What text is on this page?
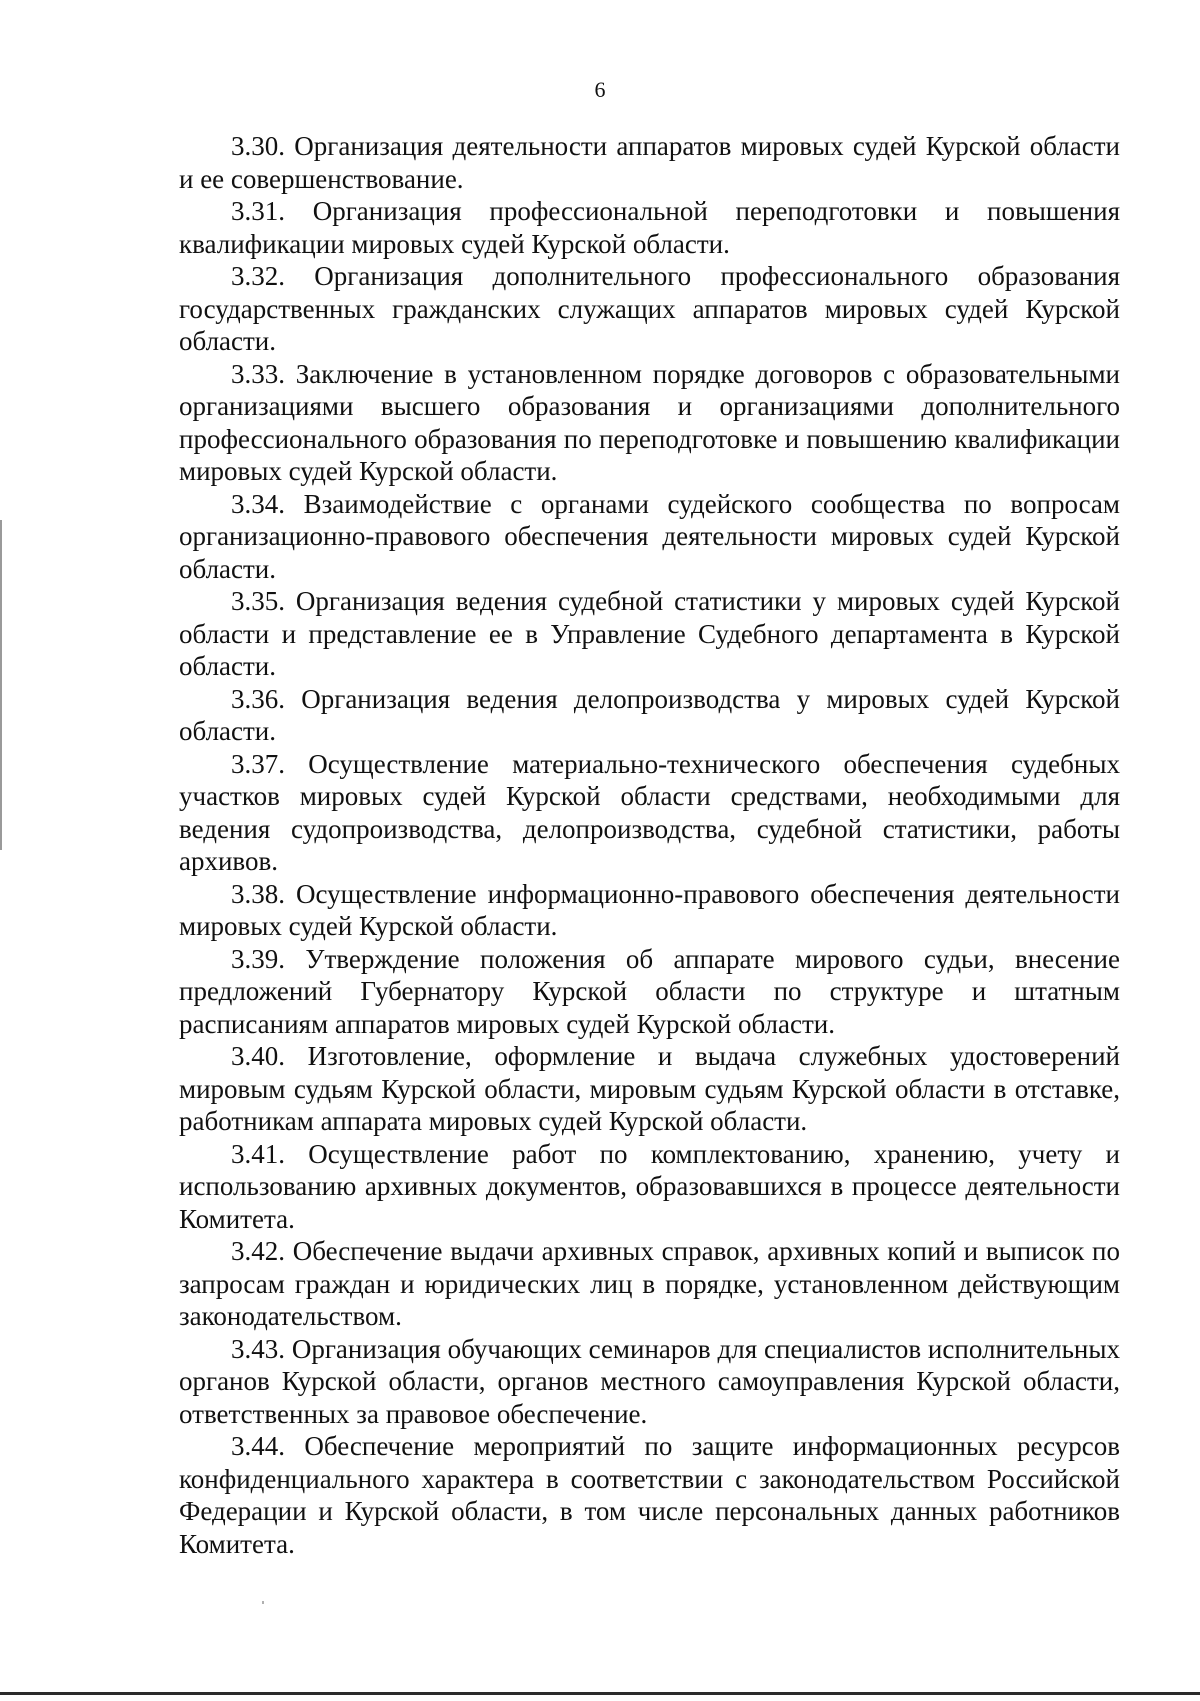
6

3.30. Организация деятельности аппаратов мировых судей Курской области и ее совершенствование.

3.31. Организация профессиональной переподготовки и повышения квалификации мировых судей Курской области.

3.32. Организация дополнительного профессионального образования государственных гражданских служащих аппаратов мировых судей Курской области.

3.33. Заключение в установленном порядке договоров с образовательными организациями высшего образования и организациями дополнительного профессионального образования по переподготовке и повышению квалификации мировых судей Курской области.

3.34. Взаимодействие с органами судейского сообщества по вопросам организационно-правового обеспечения деятельности мировых судей Курской области.

3.35. Организация ведения судебной статистики у мировых судей Курской области и представление ее в Управление Судебного департамента в Курской области.

3.36. Организация ведения делопроизводства у мировых судей Курской области.

3.37. Осуществление материально-технического обеспечения судебных участков мировых судей Курской области средствами, необходимыми для ведения судопроизводства, делопроизводства, судебной статистики, работы архивов.

3.38. Осуществление информационно-правового обеспечения деятельности мировых судей Курской области.

3.39. Утверждение положения об аппарате мирового судьи, внесение предложений Губернатору Курской области по структуре и штатным расписаниям аппаратов мировых судей Курской области.

3.40. Изготовление, оформление и выдача служебных удостоверений мировым судьям Курской области, мировым судьям Курской области в отставке, работникам аппарата мировых судей Курской области.

3.41. Осуществление работ по комплектованию, хранению, учету и использованию архивных документов, образовавшихся в процессе деятельности Комитета.

3.42. Обеспечение выдачи архивных справок, архивных копий и выписок по запросам граждан и юридических лиц в порядке, установленном действующим законодательством.

3.43. Организация обучающих семинаров для специалистов исполнительных органов Курской области, органов местного самоуправления Курской области, ответственных за правовое обеспечение.

3.44. Обеспечение мероприятий по защите информационных ресурсов конфиденциального характера в соответствии с законодательством Российской Федерации и Курской области, в том числе персональных данных работников Комитета.
